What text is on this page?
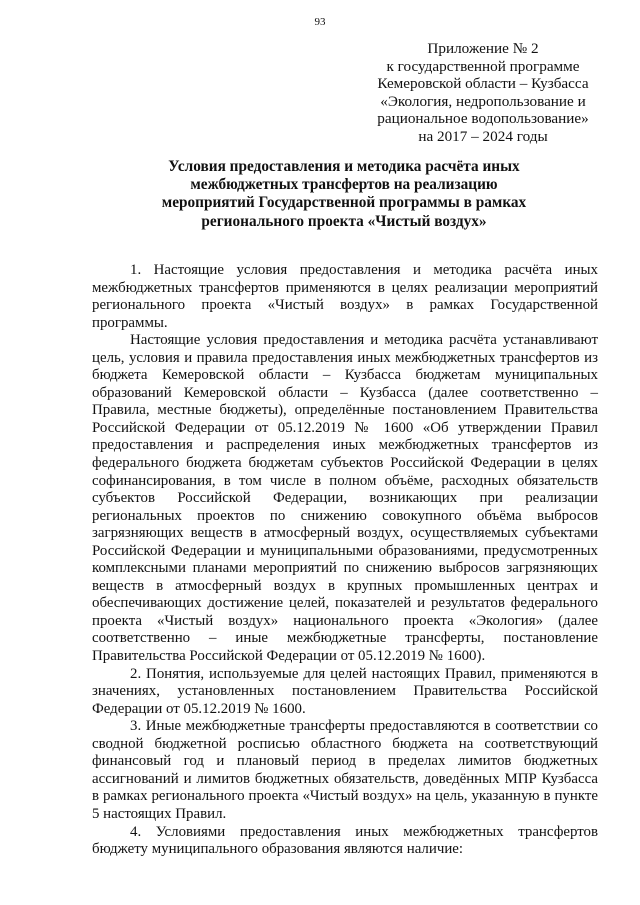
93
Приложение № 2
к государственной программе
Кемеровской области – Кузбасса
«Экология, недропользование и
рациональное водопользование»
на 2017 – 2024 годы
Условия предоставления и методика расчёта иных
межбюджетных трансфертов на реализацию
мероприятий Государственной программы в рамках
регионального проекта «Чистый воздух»

1. Настоящие условия предоставления и методика расчёта иных межбюджетных трансфертов применяются в целях реализации мероприятий регионального проекта «Чистый воздух» в рамках Государственной программы.

Настоящие условия предоставления и методика расчёта устанавливают цель, условия и правила предоставления иных межбюджетных трансфертов из бюджета Кемеровской области – Кузбасса бюджетам муниципальных образований Кемеровской области – Кузбасса (далее соответственно – Правила, местные бюджеты), определённые постановлением Правительства Российской Федерации от 05.12.2019 № 1600 «Об утверждении Правил предоставления и распределения иных межбюджетных трансфертов из федерального бюджета бюджетам субъектов Российской Федерации в целях софинансирования, в том числе в полном объёме, расходных обязательств субъектов Российской Федерации, возникающих при реализации региональных проектов по снижению совокупного объёма выбросов загрязняющих веществ в атмосферный воздух, осуществляемых субъектами Российской Федерации и муниципальными образованиями, предусмотренных комплексными планами мероприятий по снижению выбросов загрязняющих веществ в атмосферный воздух в крупных промышленных центрах и обеспечивающих достижение целей, показателей и результатов федерального проекта «Чистый воздух» национального проекта «Экология» (далее соответственно – иные межбюджетные трансферты, постановление Правительства Российской Федерации от 05.12.2019 № 1600).

2. Понятия, используемые для целей настоящих Правил, применяются в значениях, установленных постановлением Правительства Российской Федерации от 05.12.2019 № 1600.

3. Иные межбюджетные трансферты предоставляются в соответствии со сводной бюджетной росписью областного бюджета на соответствующий финансовый год и плановый период в пределах лимитов бюджетных ассигнований и лимитов бюджетных обязательств, доведённых МПР Кузбасса в рамках регионального проекта «Чистый воздух» на цель, указанную в пункте 5 настоящих Правил.

4. Условиями предоставления иных межбюджетных трансфертов бюджету муниципального образования являются наличие:
